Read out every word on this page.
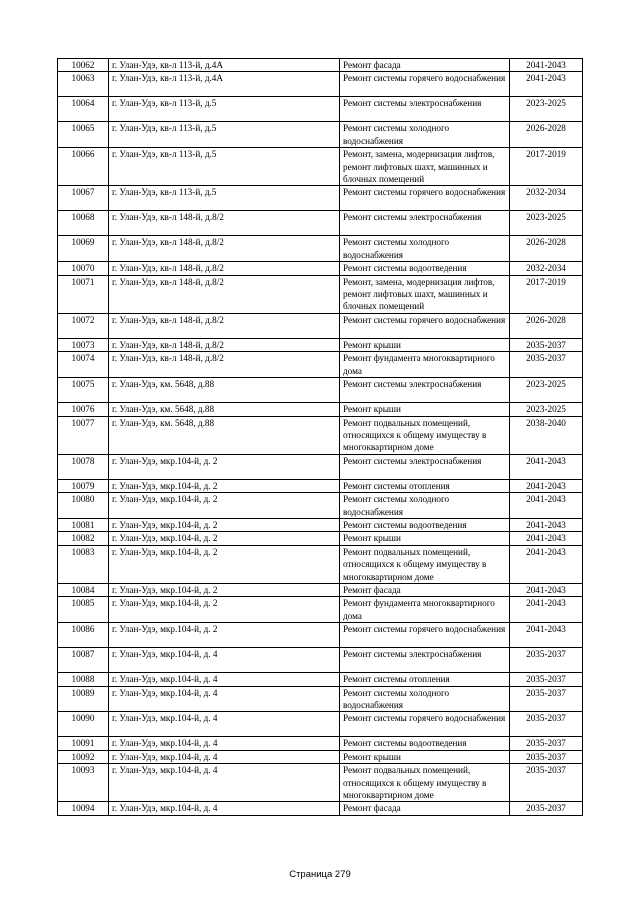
10062	г. Улан-Удэ, кв-л 113-й, д.4А	Ремонт фасада	2041-2043
10063	г. Улан-Удэ, кв-л 113-й, д.4А	Ремонт системы горячего водоснабжения	2041-2043
10064	г. Улан-Удэ, кв-л 113-й, д.5	Ремонт системы электроснабжения	2023-2025
10065	г. Улан-Удэ, кв-л 113-й, д.5	Ремонт системы холодного водоснабжения	2026-2028
10066	г. Улан-Удэ, кв-л 113-й, д.5	Ремонт, замена, модернизация лифтов, ремонт лифтовых шахт, машинных и блочных помещений	2017-2019
10067	г. Улан-Удэ, кв-л 113-й, д.5	Ремонт системы горячего водоснабжения	2032-2034
10068	г. Улан-Удэ, кв-л 148-й, д.8/2	Ремонт системы электроснабжения	2023-2025
10069	г. Улан-Удэ, кв-л 148-й, д.8/2	Ремонт системы холодного водоснабжения	2026-2028
10070	г. Улан-Удэ, кв-л 148-й, д.8/2	Ремонт системы водоотведения	2032-2034
10071	г. Улан-Удэ, кв-л 148-й, д.8/2	Ремонт, замена, модернизация лифтов, ремонт лифтовых шахт, машинных и блочных помещений	2017-2019
10072	г. Улан-Удэ, кв-л 148-й, д.8/2	Ремонт системы горячего водоснабжения	2026-2028
10073	г. Улан-Удэ, кв-л 148-й, д.8/2	Ремонт крыши	2035-2037
10074	г. Улан-Удэ, кв-л 148-й, д.8/2	Ремонт фундамента многоквартирного дома	2035-2037
10075	г. Улан-Удэ, км. 5648, д.88	Ремонт системы электроснабжения	2023-2025
10076	г. Улан-Удэ, км. 5648, д.88	Ремонт крыши	2023-2025
10077	г. Улан-Удэ, км. 5648, д.88	Ремонт подвальных помещений, относящихся к общему имуществу в многоквартирном доме	2038-2040
10078	г. Улан-Удэ, мкр.104-й, д. 2	Ремонт системы электроснабжения	2041-2043
10079	г. Улан-Удэ, мкр.104-й, д. 2	Ремонт системы отопления	2041-2043
10080	г. Улан-Удэ, мкр.104-й, д. 2	Ремонт системы холодного водоснабжения	2041-2043
10081	г. Улан-Удэ, мкр.104-й, д. 2	Ремонт системы водоотведения	2041-2043
10082	г. Улан-Удэ, мкр.104-й, д. 2	Ремонт крыши	2041-2043
10083	г. Улан-Удэ, мкр.104-й, д. 2	Ремонт подвальных помещений, относящихся к общему имуществу в многоквартирном доме	2041-2043
10084	г. Улан-Удэ, мкр.104-й, д. 2	Ремонт фасада	2041-2043
10085	г. Улан-Удэ, мкр.104-й, д. 2	Ремонт фундамента многоквартирного дома	2041-2043
10086	г. Улан-Удэ, мкр.104-й, д. 2	Ремонт системы горячего водоснабжения	2041-2043
10087	г. Улан-Удэ, мкр.104-й, д. 4	Ремонт системы электроснабжения	2035-2037
10088	г. Улан-Удэ, мкр.104-й, д. 4	Ремонт системы отопления	2035-2037
10089	г. Улан-Удэ, мкр.104-й, д. 4	Ремонт системы холодного водоснабжения	2035-2037
10090	г. Улан-Удэ, мкр.104-й, д. 4	Ремонт системы горячего водоснабжения	2035-2037
10091	г. Улан-Удэ, мкр.104-й, д. 4	Ремонт системы водоотведения	2035-2037
10092	г. Улан-Удэ, мкр.104-й, д. 4	Ремонт крыши	2035-2037
10093	г. Улан-Удэ, мкр.104-й, д. 4	Ремонт подвальных помещений, относящихся к общему имуществу в многоквартирном доме	2035-2037
10094	г. Улан-Удэ, мкр.104-й, д. 4	Ремонт фасада	2035-2037
Страница 279
